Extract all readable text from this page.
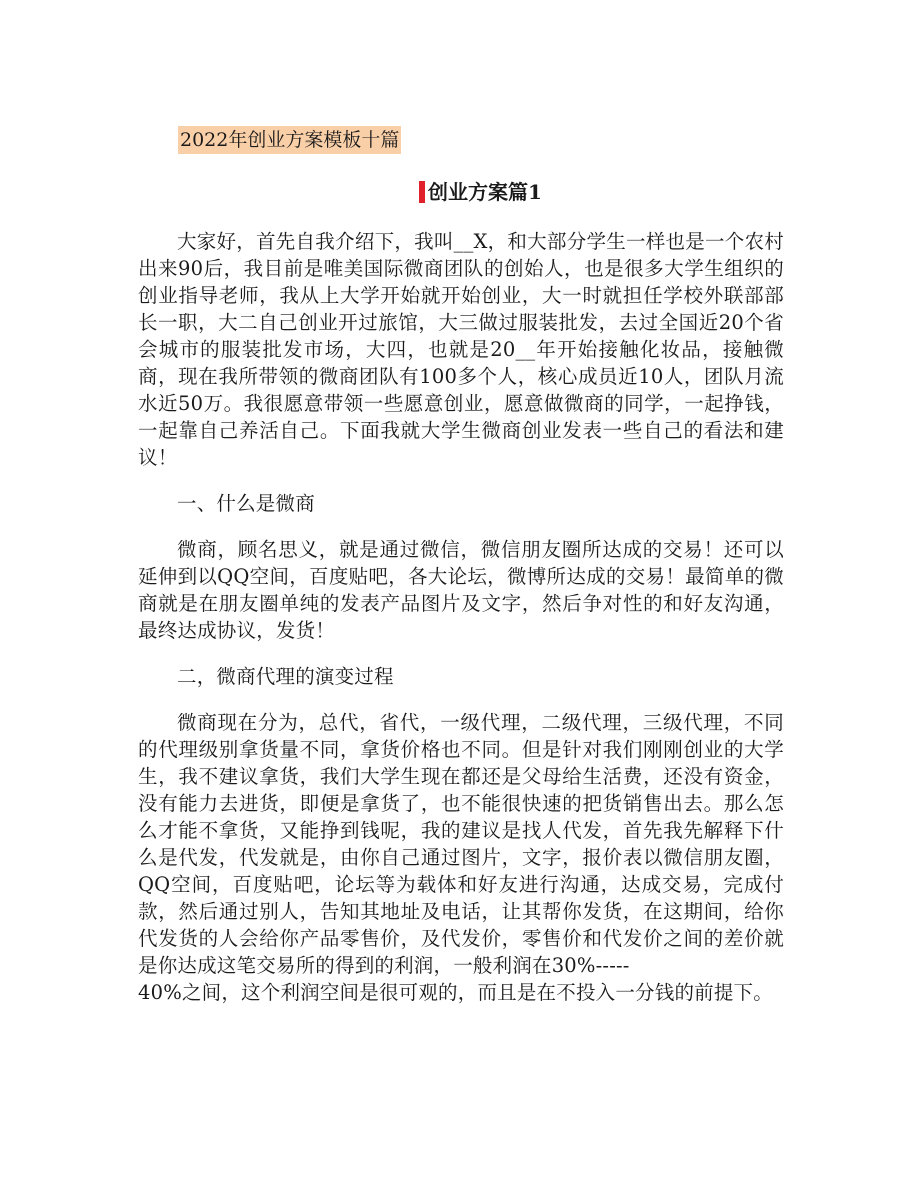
2022年创业方案模板十篇
创业方案篇1

大家好，首先自我介绍下，我叫__X，和大部分学生一样也是一个农村出来90后，我目前是唯美国际微商团队的创始人，也是很多大学生组织的创业指导老师，我从上大学开始就开始创业，大一时就担任学校外联部部长一职，大二自己创业开过旅馆，大三做过服装批发，去过全国近20个省会城市的服装批发市场，大四，也就是20__年开始接触化妆品，接触微商，现在我所带领的微商团队有100多个人，核心成员近10人，团队月流水近50万。我很愿意带领一些愿意创业，愿意做微商的同学，一起挣钱，一起靠自己养活自己。下面我就大学生微商创业发表一些自己的看法和建议！

一、什么是微商

微商，顾名思义，就是通过微信，微信朋友圈所达成的交易！还可以延伸到以QQ空间，百度贴吧，各大论坛，微博所达成的交易！最简单的微商就是在朋友圈单纯的发表产品图片及文字，然后争对性的和好友沟通，最终达成协议，发货！

二，微商代理的演变过程

微商现在分为，总代，省代，一级代理，二级代理，三级代理，不同的代理级别拿货量不同，拿货价格也不同。但是针对我们刚刚创业的大学生，我不建议拿货，我们大学生现在都还是父母给生活费，还没有资金，没有能力去进货，即便是拿货了，也不能很快速的把货销售出去。那么怎么才能不拿货，又能挣到钱呢，我的建议是找人代发，首先我先解释下什么是代发，代发就是，由你自己通过图片，文字，报价表以微信朋友圈，QQ空间，百度贴吧，论坛等为载体和好友进行沟通，达成交易，完成付款，然后通过别人，告知其地址及电话，让其帮你发货，在这期间，给你代发货的人会给你产品零售价，及代发价，零售价和代发价之间的差价就是你达成这笔交易所的得到的利润，一般利润在30%-----

40%之间，这个利润空间是很可观的，而且是在不投入一分钱的前提下。
